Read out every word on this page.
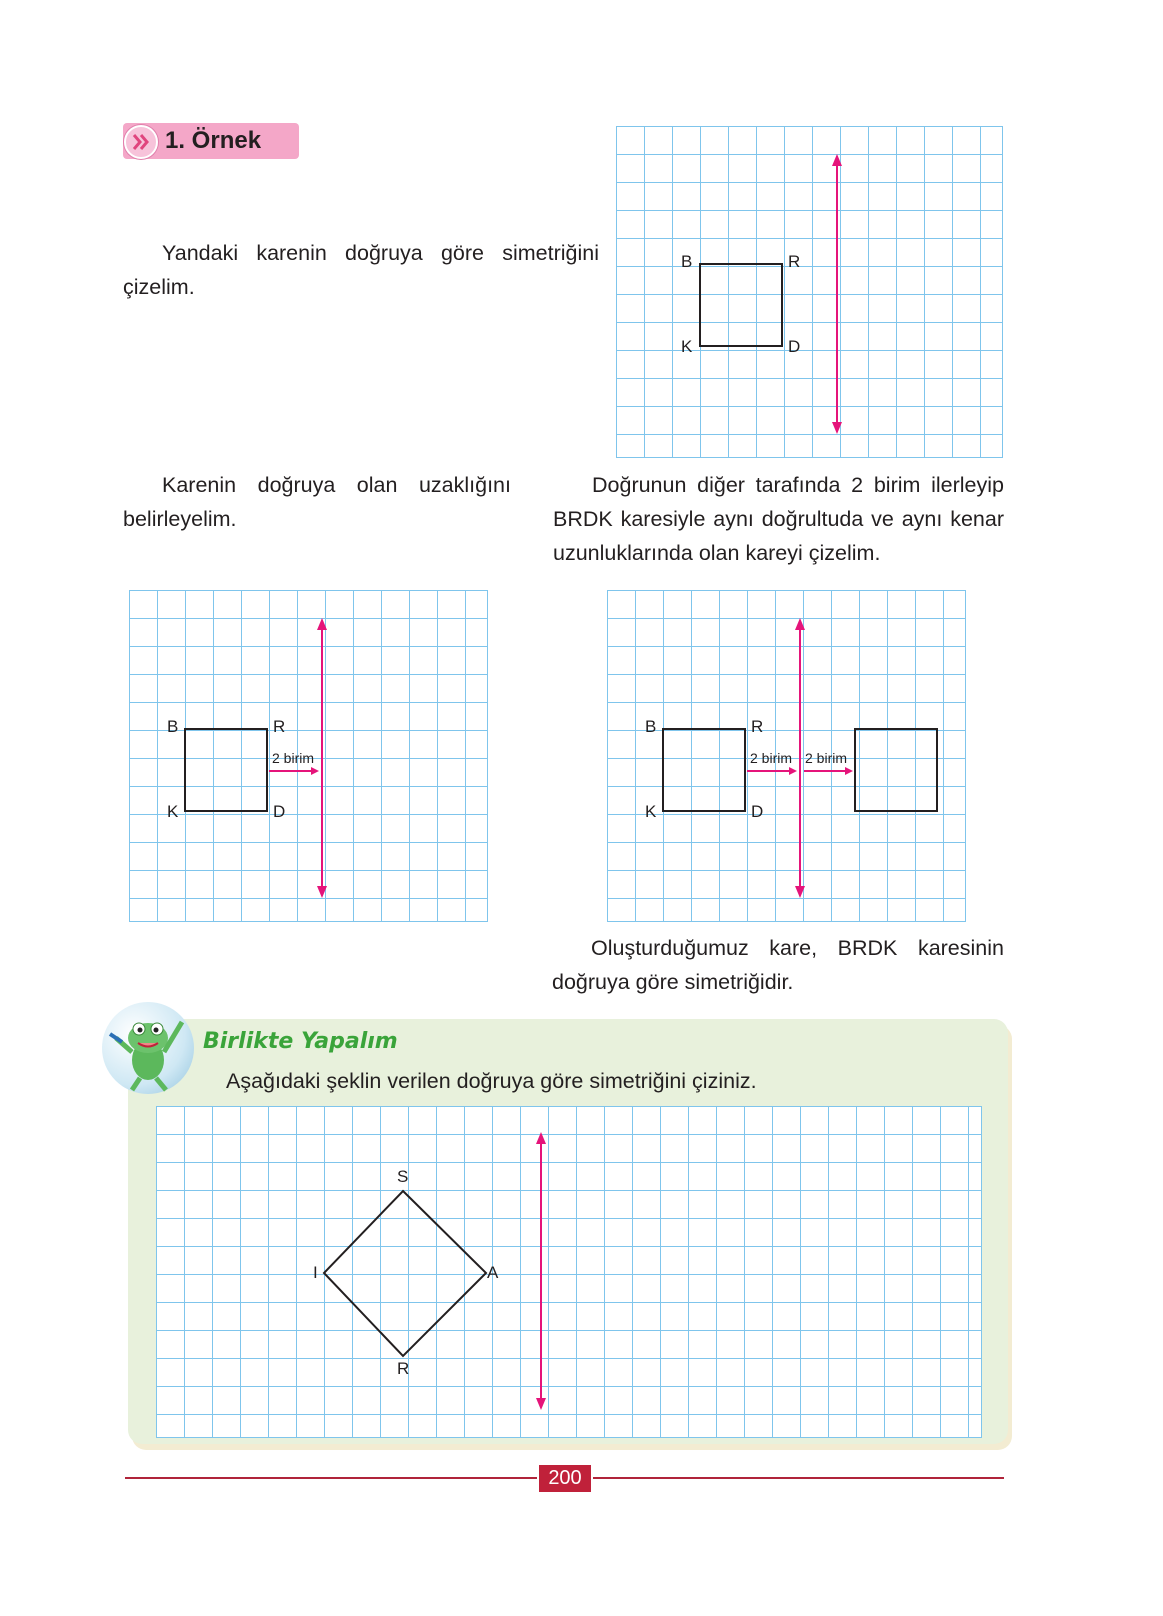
1. Örnek
Yandaki karenin doğruya göre simetriğini çizelim.
B	R
K	D
Karenin doğruya olan uzaklığını belirleyelim.
Doğrunun diğer tarafında 2 birim ilerleyip BRDK karesiyle aynı doğrultuda ve aynı kenar uzunluklarında olan kareyi çizelim.
B	R
K	D
2 birim
B	R
K	D
2 birim 2 birim
Oluşturduğumuz kare, BRDK karesinin doğruya göre simetriğidir.
Birlikte Yapalım
Aşağıdaki şeklin verilen doğruya göre simetriğini çiziniz.
S
A
R
I
200
